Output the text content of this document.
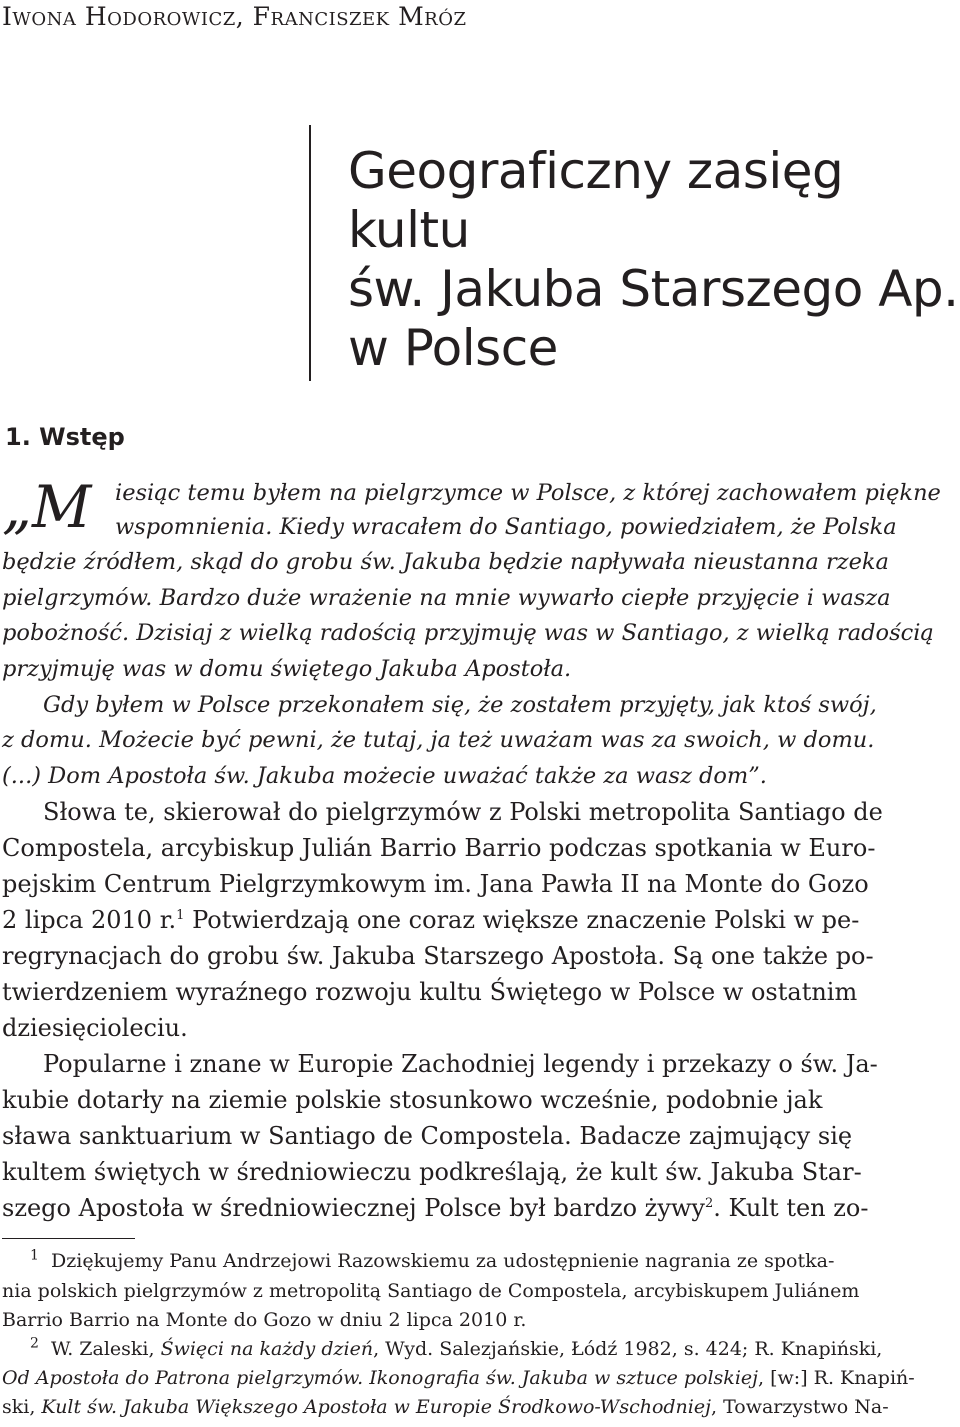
Iwona Hodorowicz, Franciszek Mróz
Geograficzny zasięg
kultu
św. Jakuba Starszego Ap.
w Polsce
1. Wstęp
„M iesiąc temu byłem na pielgrzymce w Polsce, z której zachowałem piękne
wspomnienia. Kiedy wracałem do Santiago, powiedziałem, że Polska
będzie źródłem, skąd do grobu św. Jakuba będzie napływała nieustanna rzeka
pielgrzymów. Bardzo duże wrażenie na mnie wywarło ciepłe przyjęcie i wasza
pobożność. Dzisiaj z wielką radością przyjmuję was w Santiago, z wielką radością
przyjmuję was w domu świętego Jakuba Apostoła.
Gdy byłem w Polsce przekonałem się, że zostałem przyjęty, jak ktoś swój,
z domu. Możecie być pewni, że tutaj, ja też uważam was za swoich, w domu.
(...) Dom Apostoła św. Jakuba możecie uważać także za wasz dom”.
Słowa te, skierował do pielgrzymów z Polski metropolita Santiago de
Compostela, arcybiskup Julián Barrio Barrio podczas spotkania w Euro-
pejskim Centrum Pielgrzymkowym im. Jana Pawła II na Monte do Gozo
2 lipca 2010 r.$^1$ Potwierdzają one coraz większe znaczenie Polski w pe-
regrynacjach do grobu św. Jakuba Starszego Apostoła. Są one także po-
twierdzeniem wyraźnego rozwoju kultu Świętego w Polsce w ostatnim
dziesięcioleciu.
Popularne i znane w Europie Zachodniej legendy i przekazy o św. Ja-
kubie dotarły na ziemie polskie stosunkowo wcześnie, podobnie jak
sława sanktuarium w Santiago de Compostela. Badacze zajmujący się
kultem świętych w średniowieczu podkreślają, że kult św. Jakuba Star-
szego Apostoła w średniowiecznej Polsce był bardzo żywy$^2$. Kult ten zo-
$^1$ Dziękujemy Panu Andrzejowi Razowskiemu za udostępnienie nagrania ze spotka-
nia polskich pielgrzymów z metropolitą Santiago de Compostela, arcybiskupem Juliánem
Barrio Barrio na Monte do Gozo w dniu 2 lipca 2010 r.
$^2$ W. Zaleski, Święci na każdy dzień, Wyd. Salezjańskie, Łódź 1982, s. 424; R. Knapiński,
Od Apostoła do Patrona pielgrzymów. Ikonografia św. Jakuba w sztuce polskiej, [w:] R. Knapiń-
ski, Kult św. Jakuba Większego Apostoła w Europie Środkowo-Wschodniej, Towarzystwo Na-
